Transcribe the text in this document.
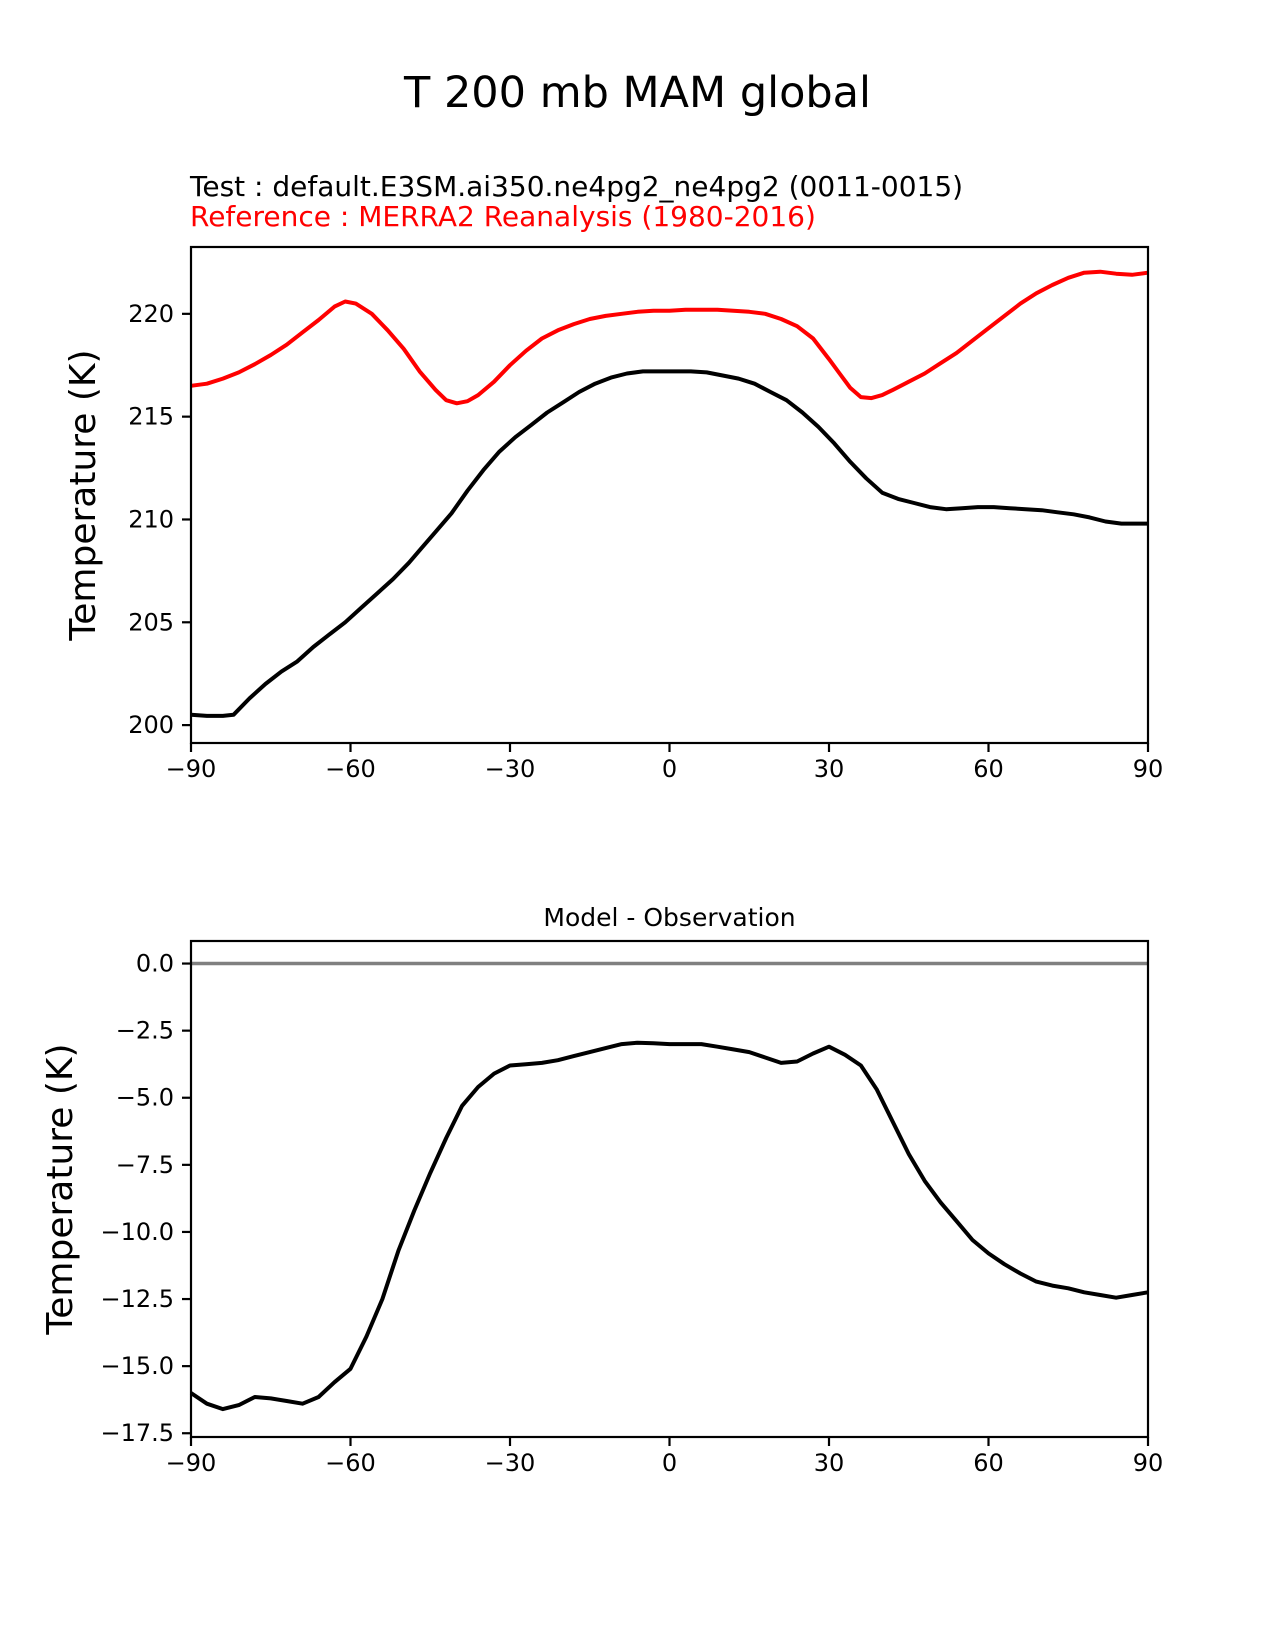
T 200 mb MAM global
Test : default.E3SM.ai350.ne4pg2_ne4pg2 (0011-0015)
Reference : MERRA2 Reanalysis (1980-2016)
−90	−60	−30	0	30	60	90
200
205
210
215
220
Temperature (K)
−90	−60	−30	0	30	60	90
0.0
−2.5
−5.0
−7.5
−10.0
−12.5
−15.0
−17.5
Model - Observation
Temperature (K)
